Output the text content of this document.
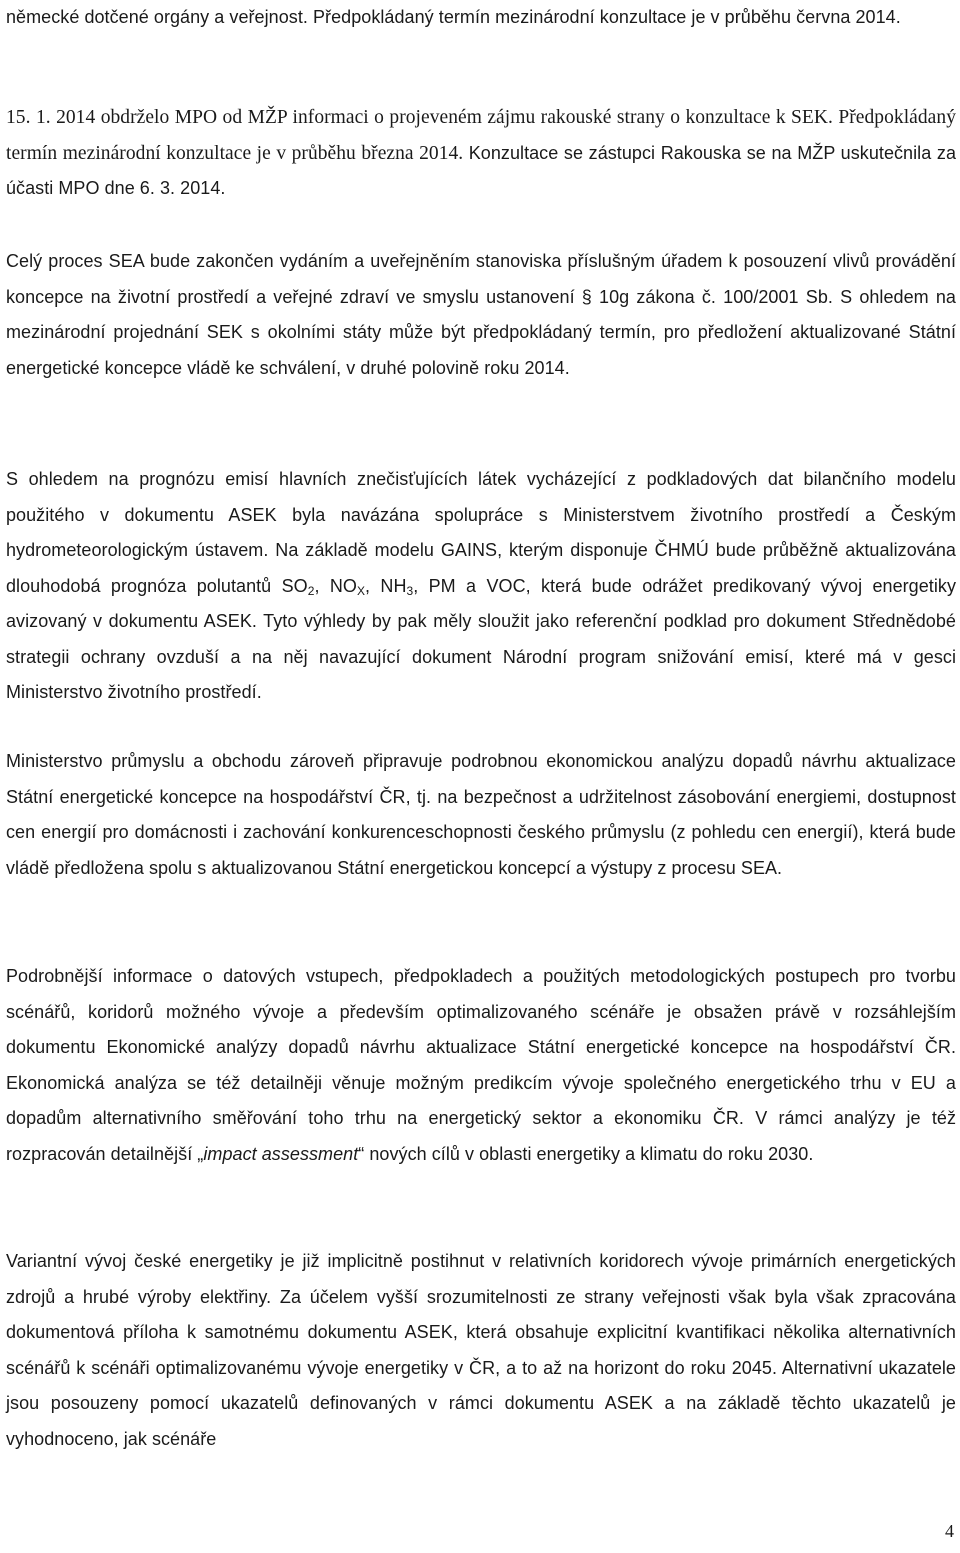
německé dotčené orgány a veřejnost. Předpokládaný termín mezinárodní konzultace je v průběhu června 2014.

15. 1. 2014 obdrželo MPO od MŽP informaci o projeveném zájmu rakouské strany o konzultace k SEK. Předpokládaný termín mezinárodní konzultace je v průběhu března 2014. Konzultace se zástupci Rakouska se na MŽP uskutečnila za účasti MPO dne 6. 3. 2014.

Celý proces SEA bude zakončen vydáním a uveřejněním stanoviska příslušným úřadem k posouzení vlivů provádění koncepce na životní prostředí a veřejné zdraví ve smyslu ustanovení § 10g zákona č. 100/2001 Sb. S ohledem na mezinárodní projednání SEK s okolními státy může být předpokládaný termín, pro předložení aktualizované Státní energetické koncepce vládě ke schválení, v druhé polovině roku 2014.

S ohledem na prognózu emisí hlavních znečisťujících látek vycházející z podkladových dat bilančního modelu použitého v dokumentu ASEK byla navázána spolupráce s Ministerstvem životního prostředí a Českým hydrometeorologickým ústavem. Na základě modelu GAINS, kterým disponuje ČHMÚ bude průběžně aktualizována dlouhodobá prognóza polutantů $SO_2$, $NO_X$, $NH_3$, PM a VOC, která bude odrážet predikovaný vývoj energetiky avizovaný v dokumentu ASEK. Tyto výhledy by pak měly sloužit jako referenční podklad pro dokument Střednědobé strategii ochrany ovzduší a na něj navazující dokument Národní program snižování emisí, které má v gesci Ministerstvo životního prostředí.

Ministerstvo průmyslu a obchodu zároveň připravuje podrobnou ekonomickou analýzu dopadů návrhu aktualizace Státní energetické koncepce na hospodářství ČR, tj. na bezpečnost a udržitelnost zásobování energiemi, dostupnost cen energií pro domácnosti i zachování konkurenceschopnosti českého průmyslu (z pohledu cen energií), která bude vládě předložena spolu s aktualizovanou Státní energetickou koncepcí a výstupy z procesu SEA.

Podrobnější informace o datových vstupech, předpokladech a použitých metodologických postupech pro tvorbu scénářů, koridorů možného vývoje a především optimalizovaného scénáře je obsažen právě v rozsáhlejším dokumentu Ekonomické analýzy dopadů návrhu aktualizace Státní energetické koncepce na hospodářství ČR. Ekonomická analýza se též detailněji věnuje možným predikcím vývoje společného energetického trhu v EU a dopadům alternativního směřování toho trhu na energetický sektor a ekonomiku ČR. V rámci analýzy je též rozpracován detailnější „impact assessment“ nových cílů v oblasti energetiky a klimatu do roku 2030.

Variantní vývoj české energetiky je již implicitně postihnut v relativních koridorech vývoje primárních energetických zdrojů a hrubé výroby elektřiny. Za účelem vyšší srozumitelnosti ze strany veřejnosti však byla však zpracována dokumentová příloha k samotnému dokumentu ASEK, která obsahuje explicitní kvantifikaci několika alternativních scénářů k scénáři optimalizovanému vývoje energetiky v ČR, a to až na horizont do roku 2045. Alternativní ukazatele jsou posouzeny pomocí ukazatelů definovaných v rámci dokumentu ASEK a na základě těchto ukazatelů je vyhodnoceno, jak scénáře

4
